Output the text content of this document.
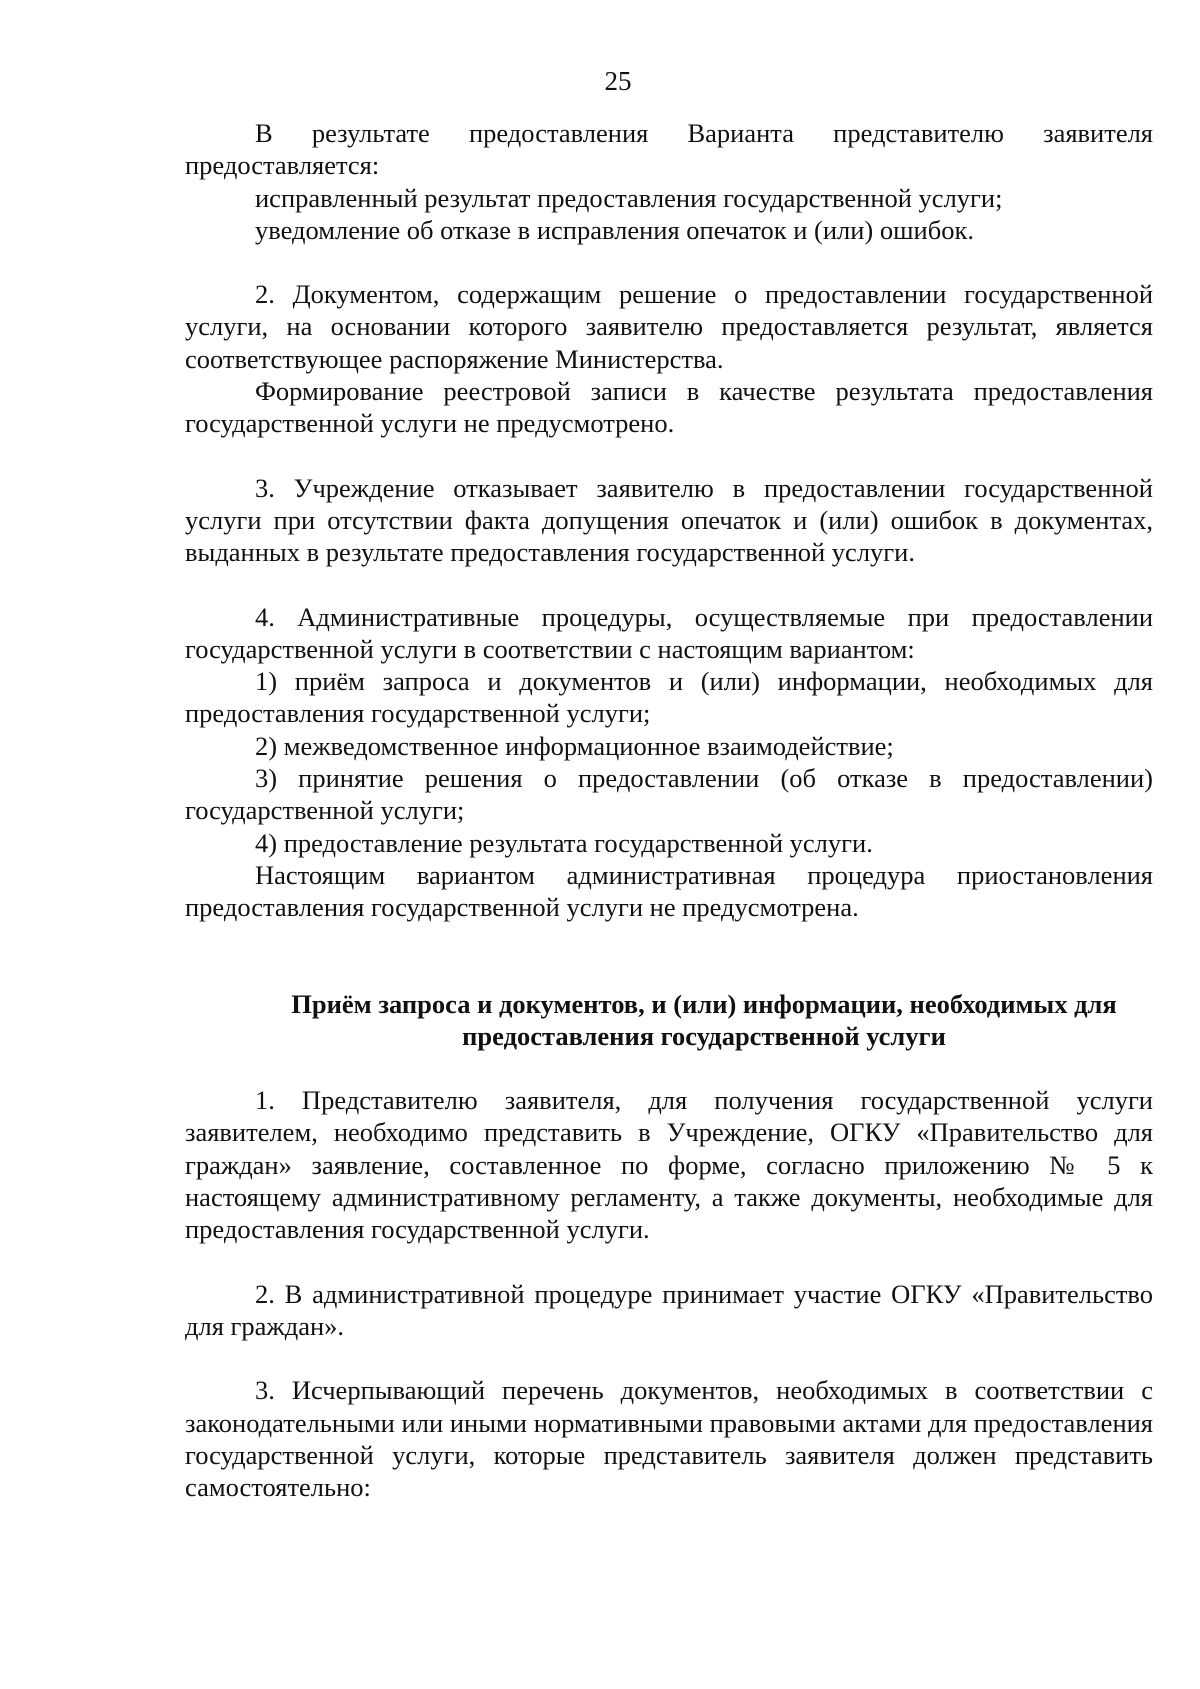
25

В результате предоставления Варианта представителю заявителя предоставляется:

исправленный результат предоставления государственной услуги;

уведомление об отказе в исправления опечаток и (или) ошибок.

2. Документом, содержащим решение о предоставлении государственной услуги, на основании которого заявителю предоставляется результат, является соответствующее распоряжение Министерства.

Формирование реестровой записи в качестве результата предоставления государственной услуги не предусмотрено.

3. Учреждение отказывает заявителю в предоставлении государственной услуги при отсутствии факта допущения опечаток и (или) ошибок в документах, выданных в результате предоставления государственной услуги.

4. Административные процедуры, осуществляемые при предоставлении государственной услуги в соответствии с настоящим вариантом:

1) приём запроса и документов и (или) информации, необходимых для предоставления государственной услуги;

2) межведомственное информационное взаимодействие;

3) принятие решения о предоставлении (об отказе в предоставлении) государственной услуги;

4) предоставление результата государственной услуги.

Настоящим вариантом административная процедура приостановления предоставления государственной услуги не предусмотрена.

Приём запроса и документов, и (или) информации, необходимых для
предоставления государственной услуги

1. Представителю заявителя, для получения государственной услуги заявителем, необходимо представить в Учреждение, ОГКУ «Правительство для граждан» заявление, составленное по форме, согласно приложению № 5 к настоящему административному регламенту, а также документы, необходимые для предоставления государственной услуги.

2. В административной процедуре принимает участие ОГКУ «Правительство для граждан».

3. Исчерпывающий перечень документов, необходимых в соответствии с законодательными или иными нормативными правовыми актами для предоставления государственной услуги, которые представитель заявителя должен представить самостоятельно:
